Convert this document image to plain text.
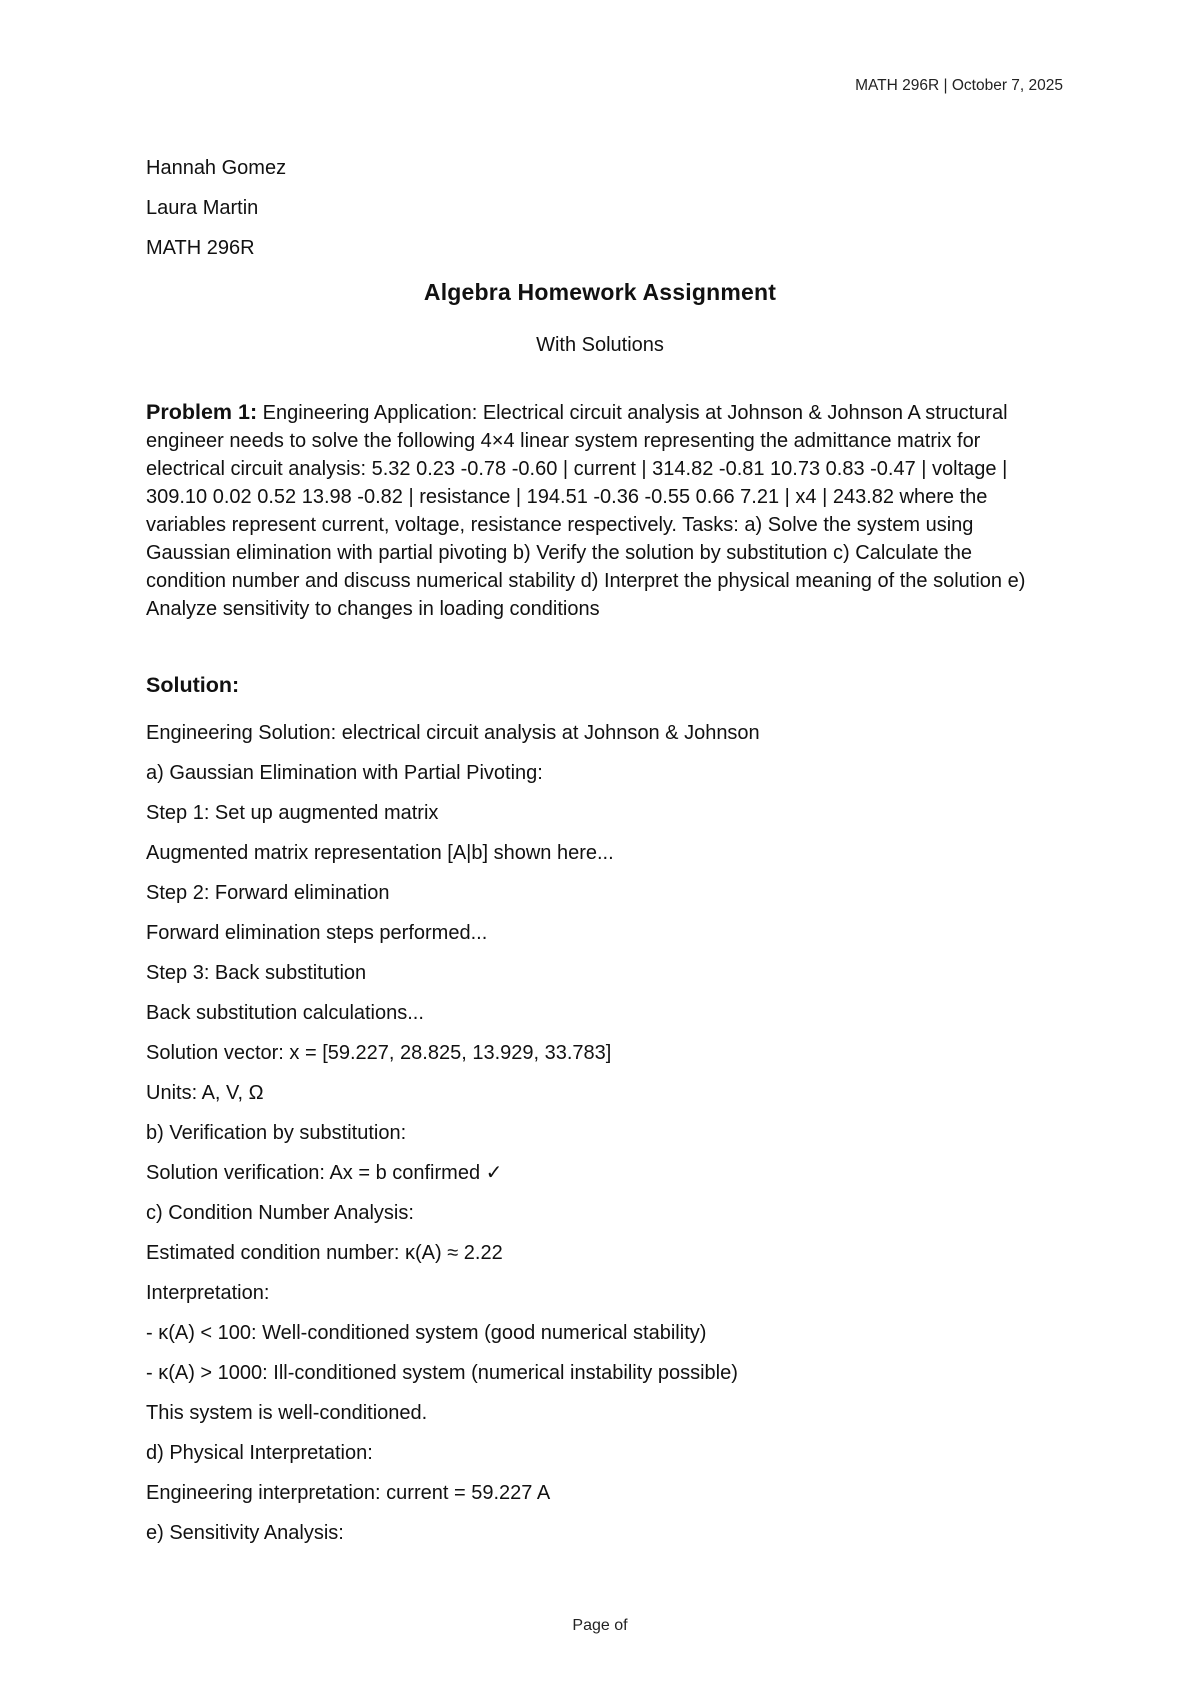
MATH 296R | October 7, 2025
Hannah Gomez
Laura Martin
MATH 296R
Algebra Homework Assignment
With Solutions
Problem 1: Engineering Application: Electrical circuit analysis at Johnson & Johnson A structural engineer needs to solve the following 4×4 linear system representing the admittance matrix for electrical circuit analysis: 5.32 0.23 -0.78 -0.60 | current | 314.82 -0.81 10.73 0.83 -0.47 | voltage | 309.10 0.02 0.52 13.98 -0.82 | resistance | 194.51 -0.36 -0.55 0.66 7.21 | x4 | 243.82 where the variables represent current, voltage, resistance respectively. Tasks: a) Solve the system using Gaussian elimination with partial pivoting b) Verify the solution by substitution c) Calculate the condition number and discuss numerical stability d) Interpret the physical meaning of the solution e) Analyze sensitivity to changes in loading conditions
Solution:
Engineering Solution: electrical circuit analysis at Johnson & Johnson
a) Gaussian Elimination with Partial Pivoting:
Step 1: Set up augmented matrix
Augmented matrix representation [A|b] shown here...
Step 2: Forward elimination
Forward elimination steps performed...
Step 3: Back substitution
Back substitution calculations...
Solution vector: x = [59.227, 28.825, 13.929, 33.783]
Units: A, V, Ω
b) Verification by substitution:
Solution verification: Ax = b confirmed ✓
c) Condition Number Analysis:
Estimated condition number: κ(A) ≈ 2.22
Interpretation:
- κ(A) < 100: Well-conditioned system (good numerical stability)
- κ(A) > 1000: Ill-conditioned system (numerical instability possible)
This system is well-conditioned.
d) Physical Interpretation:
Engineering interpretation: current = 59.227 A
e) Sensitivity Analysis:
Page of
